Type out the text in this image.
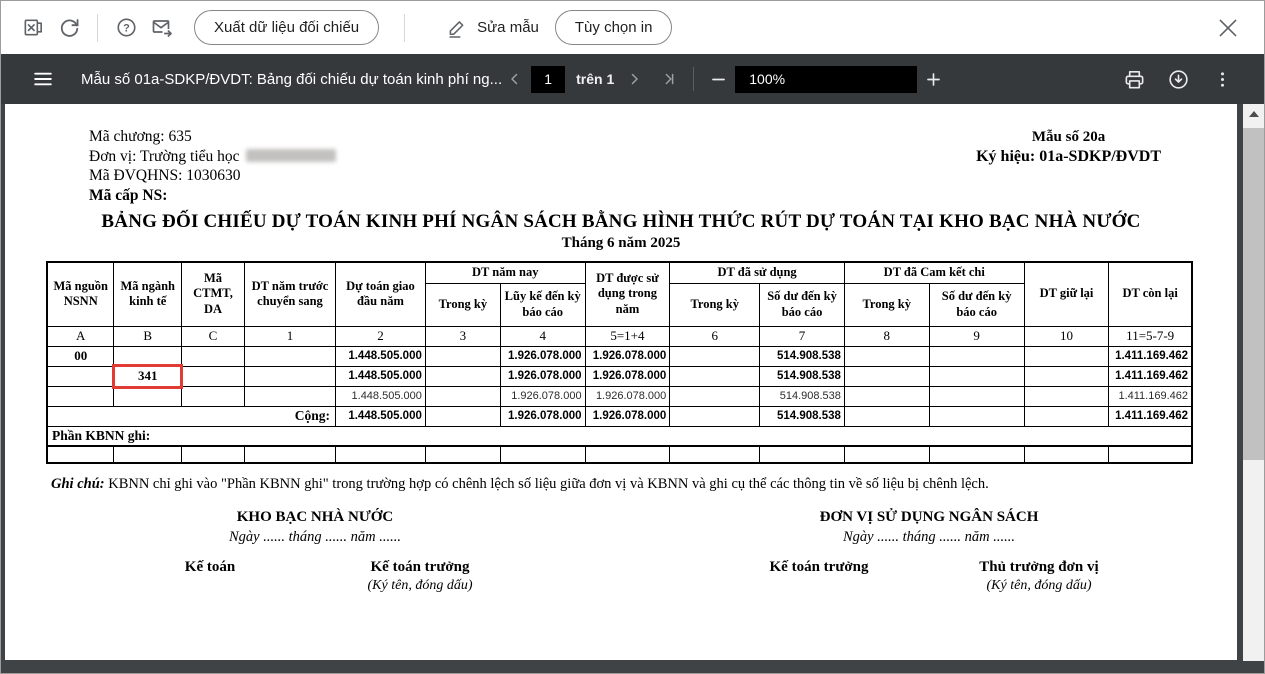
?	Xuất dữ liệu đối chiếu	Sửa mẫu	Tùy chọn in
Mẫu số 01a-SDKP/ĐVDT: Bảng đối chiếu dự toán kinh phí ng...	1	trên 1	100%

Mã chương: 635

Đơn vị: Trường tiểu học

Mã ĐVQHNS: 1030630

Mã cấp NS:

Mẫu số 20a
Ký hiệu: 01a-SDKP/ĐVDT
BẢNG ĐỐI CHIẾU DỰ TOÁN KINH PHÍ NGÂN SÁCH BẰNG HÌNH THỨC RÚT DỰ TOÁN TẠI KHO BẠC NHÀ NƯỚC
Tháng 6 năm 2025
Mã nguồn NSNN	Mã ngành kinh tế	Mã CTMT, DA	DT năm trước chuyển sang	Dự toán giao đầu năm	DT năm nay		DT được sử dụng trong năm	DT đã sử dụng		DT đã Cam kết chi		DT giữ lại	DT còn lại
					Trong kỳ	Lũy kế đến kỳ báo cáo		Trong kỳ	Số dư đến kỳ báo cáo	Trong kỳ	Số dư đến kỳ báo cáo		
A	B	C	1	2	3	4	5=1+4	6	7	8	9	10	11=5-7-9
00				1.448.505.000		1.926.078.000	1.926.078.000		514.908.538				1.411.169.462
	341			1.448.505.000		1.926.078.000	1.926.078.000		514.908.538				1.411.169.462
				1.448.505.000		1.926.078.000	1.926.078.000		514.908.538				1.411.169.462
Cộng:				1.448.505.000		1.926.078.000	1.926.078.000		514.908.538				1.411.169.462
Phần KBNN ghi:													

Ghi chú: KBNN chỉ ghi vào "Phần KBNN ghi" trong trường hợp có chênh lệch số liệu giữa đơn vị và KBNN và ghi cụ thể các thông tin về số liệu bị chênh lệch.
KHO BẠC NHÀ NƯỚC
Ngày ...... tháng ...... năm ......
Kế toán	Kế toán trưởng
(Ký tên, đóng dấu)
ĐƠN VỊ SỬ DỤNG NGÂN SÁCH
Ngày ...... tháng ...... năm ......
Kế toán trưởng	Thủ trưởng đơn vị
(Ký tên, đóng dấu)
